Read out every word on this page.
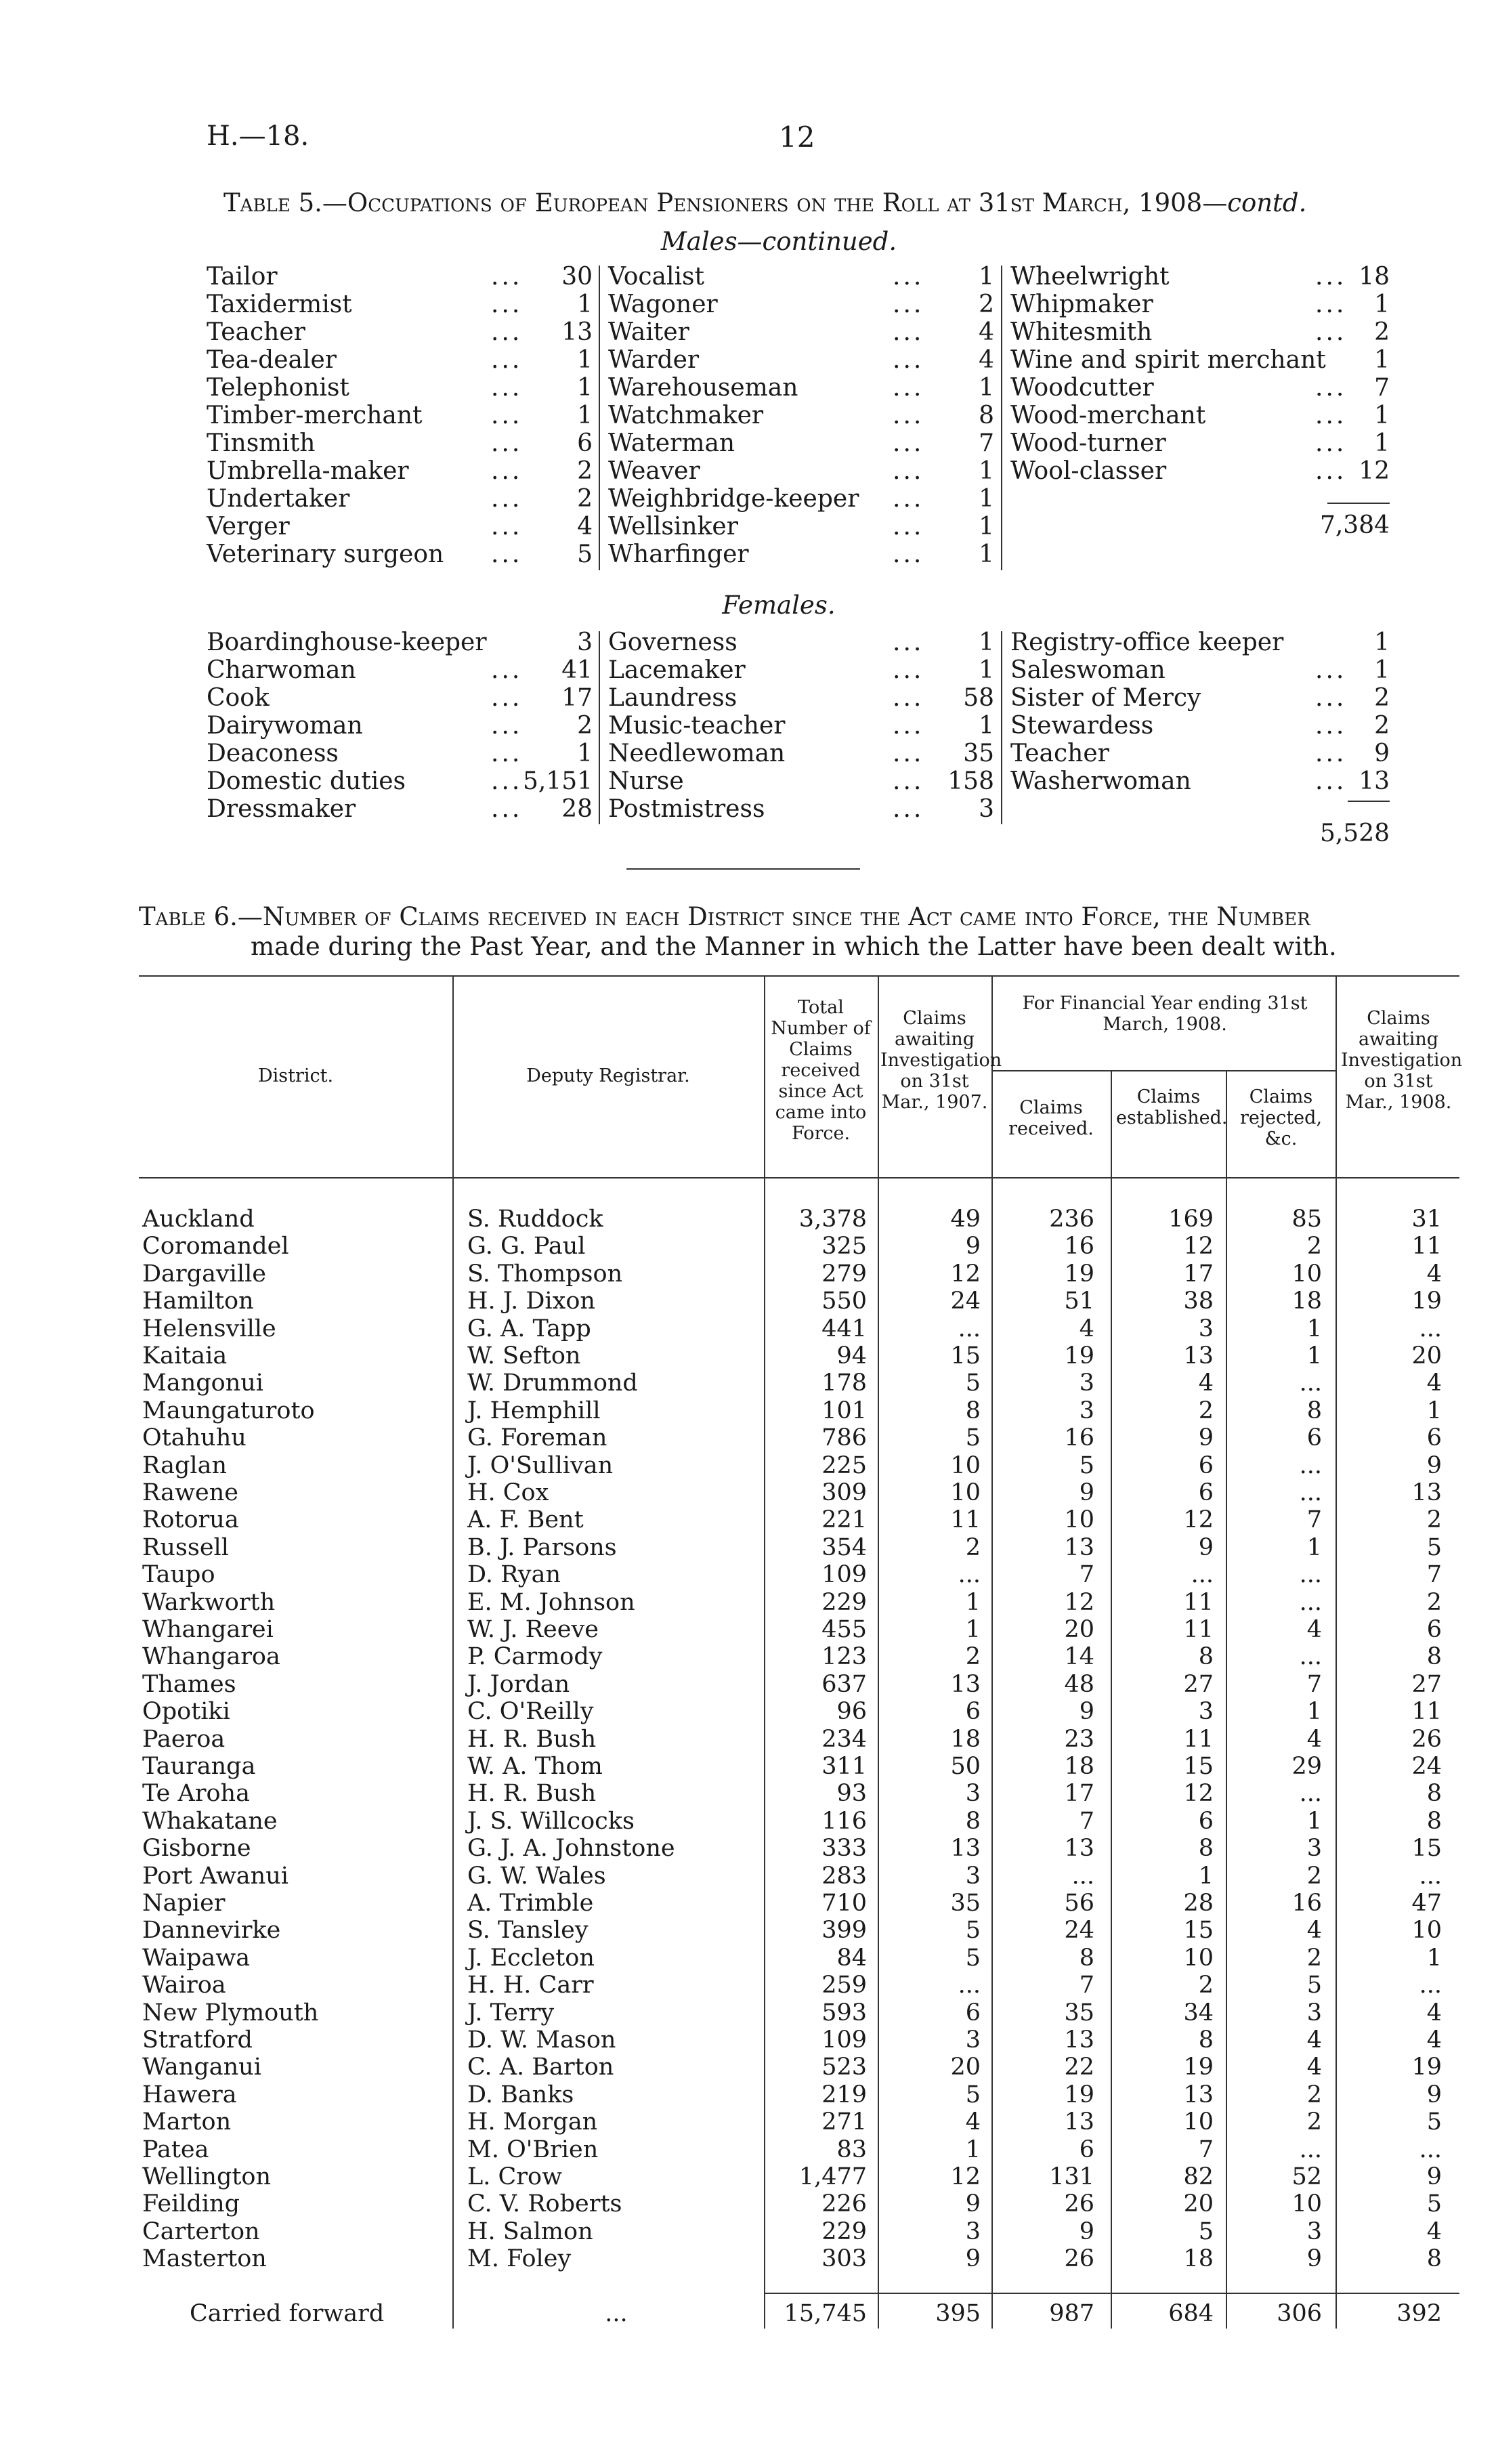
H.—18.	12
Table 5.—Occupations of European Pensioners on the Roll at 31st March, 1908—contd.
Males—continued.
Tailor	... 30
Taxidermist	... 1
Teacher	... 13
Tea-dealer	... 1
Telephonist	... 1
Timber-merchant	... 1
Tinsmith	... 6
Umbrella-maker	... 2
Undertaker	... 2
Verger	... 4
Veterinary surgeon ... 5
Vocalist	... 1
Wagoner	... 2
Waiter	... 4
Warder	... 4
Warehouseman	... 1
Watchmaker	... 8
Waterman	... 7
Weaver	... 1
Weighbridge-keeper ... 1
Wellsinker	... 1
Wharfinger	... 1
Wheelwright	... 18
Whipmaker	... 1
Whitesmith	... 2
Wine and spirit merchant 1
Woodcutter	... 7
Wood-merchant	... 1
Wood-turner	... 1
Wool-classer	... 12
7,384
Females.
Boardinghouse-keeper	3
Charwoman	... 41
Cook	... 17
Dairywoman	... 2
Deaconess	... 1
Domestic duties	... 5,151
Dressmaker	... 28
Governess	... 1
Lacemaker	... 1
Laundress	... 58
Music-teacher	... 1
Needlewoman	... 35
Nurse	... 158
Postmistress	... 3
Registry-office keeper	1
Saleswoman	... 1
Sister of Mercy	... 2
Stewardess	... 2
Teacher	... 9
Washerwoman	... 13
5,528
Table 6.—Number of Claims received in each District since the Act came into Force, the Number
made during the Past Year, and the Manner in which the Latter have been dealt with.
District.	Deputy Registrar.
Total Number of Claims received since Act came into Force.
Claims awaiting Investigation on 31st Mar., 1907.
For Financial Year ending 31st March, 1908.
Claims received.
Claims established.
Claims rejected, &c.
Claims awaiting Investigation on 31st Mar., 1908.
Auckland	S. Ruddock	3,378	49	236	169	85	31
Coromandel	G. G. Paul	325	9	16	12	2	11
Dargaville	S. Thompson	279	12	19	17	10	4
Hamilton	H. J. Dixon	550	24	51	38	18	19
Helensville	G. A. Tapp	441	...	4	3	1	...
Kaitaia	W. Sefton	94	15	19	13	1	20
Mangonui	W. Drummond	178	5	3	4	...	4
Maungaturoto	J. Hemphill	101	8	3	2	8	1
Otahuhu	G. Foreman	786	5	16	9	6	6
Raglan	J. O'Sullivan	225	10	5	6	...	9
Rawene	H. Cox	309	10	9	6	...	13
Rotorua	A. F. Bent	221	11	10	12	7	2
Russell	B. J. Parsons	354	2	13	9	1	5
Taupo	D. Ryan	109	...	7	...	...	7
Warkworth	E. M. Johnson	229	1	12	11	...	2
Whangarei	W. J. Reeve	455	1	20	11	4	6
Whangaroa	P. Carmody	123	2	14	8	...	8
Thames	J. Jordan	637	13	48	27	7	27
Opotiki	C. O'Reilly	96	6	9	3	1	11
Paeroa	H. R. Bush	234	18	23	11	4	26
Tauranga	W. A. Thom	311	50	18	15	29	24
Te Aroha	H. R. Bush	93	3	17	12	...	8
Whakatane	J. S. Willcocks	116	8	7	6	1	8
Gisborne	G. J. A. Johnstone	333	13	13	8	3	15
Port Awanui	G. W. Wales	283	3	...	1	2	...
Napier	A. Trimble	710	35	56	28	16	47
Dannevirke	S. Tansley	399	5	24	15	4	10
Waipawa	J. Eccleton	84	5	8	10	2	1
Wairoa	H. H. Carr	259	...	7	2	5	...
New Plymouth	J. Terry	593	6	35	34	3	4
Stratford	D. W. Mason	109	3	13	8	4	4
Wanganui	C. A. Barton	523	20	22	19	4	19
Hawera	D. Banks	219	5	19	13	2	9
Marton	H. Morgan	271	4	13	10	2	5
Patea	M. O'Brien	83	1	6	7	...	...
Wellington	L. Crow	1,477	12	131	82	52	9
Feilding	C. V. Roberts	226	9	26	20	10	5
Carterton	H. Salmon	229	3	9	5	3	4
Masterton	M. Foley	303	9	26	18	9	8
Carried forward	...	15,745	395	987	684	306	392
